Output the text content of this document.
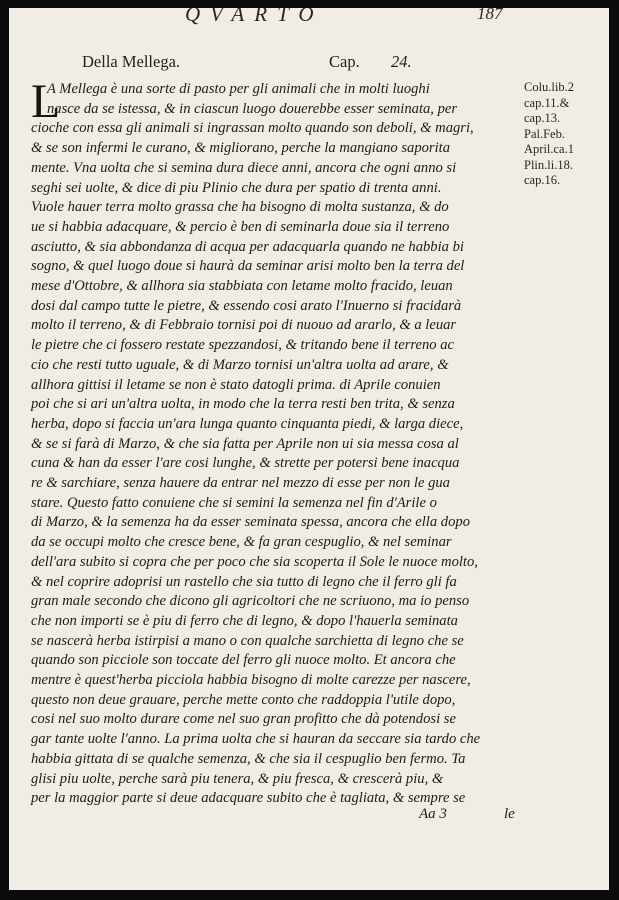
QVARTO	187
Della Mellega.	Cap. 24.
L
A Mellega è una sorte di pasto per gli animali che in molti luoghi
nasce da se istessa, & in ciascun luogo douerebbe esser seminata, per
cioche con essa gli animali si ingrassan molto quando son deboli, & magri,
& se son infermi le curano, & migliorano, perche la mangiano saporita
mente. Vna uolta che si semina dura diece anni, ancora che ogni anno si
seghi sei uolte, & dice di piu Plinio che dura per spatio di trenta anni.
Vuole hauer terra molto grassa che ha bisogno di molta sustanza, & do
ue si habbia adacquare, & percio è ben di seminarla doue sia il terreno
asciutto, & sia abbondanza di acqua per adacquarla quando ne habbia bi
sogno, & quel luogo doue si haurà da seminar arisi molto ben la terra del
mese d'Ottobre, & allhora sia stabbiata con letame molto fracido, leuan
dosi dal campo tutte le pietre, & essendo cosi arato l'Inuerno si fracidarà
molto il terreno, & di Febbraio tornisi poi di nuouo ad ararlo, & a leuar
le pietre che ci fossero restate spezzandosi, & tritando bene il terreno ac
cio che resti tutto uguale, & di Marzo tornisi un'altra uolta ad arare, &
allhora gittisi il letame se non è stato datogli prima. di Aprile conuien
poi che si ari un'altra uolta, in modo che la terra resti ben trita, & senza
herba, dopo si faccia un'ara lunga quanto cinquanta piedi, & larga diece,
& se si farà di Marzo, & che sia fatta per Aprile non ui sia messa cosa al
cuna & han da esser l'are cosi lunghe, & strette per potersi bene inacqua
re & sarchiare, senza hauere da entrar nel mezzo di esse per non le gua
stare. Questo fatto conuiene che si semini la semenza nel fin d'Arile o
di Marzo, & la semenza ha da esser seminata spessa, ancora che ella dopo
da se occupi molto che cresce bene, & fa gran cespuglio, & nel seminar
dell'ara subito si copra che per poco che sia scoperta il Sole le nuoce molto,
& nel coprire adoprisi un rastello che sia tutto di legno che il ferro gli fa
gran male secondo che dicono gli agricoltori che ne scriuono, ma io penso
che non importi se è piu di ferro che di legno, & dopo l'hauerla seminata
se nascerà herba istirpisi a mano o con qualche sarchietta di legno che se
quando son picciole son toccate del ferro gli nuoce molto. Et ancora che
mentre è quest'herba picciola habbia bisogno di molte carezze per nascere,
questo non deue grauare, perche mette conto che raddoppia l'utile dopo,
cosi nel suo molto durare come nel suo gran profitto che dà potendosi se
gar tante uolte l'anno. La prima uolta che si hauran da seccare sia tardo che
habbia gittata di se qualche semenza, & che sia il cespuglio ben fermo. Ta
glisi piu uolte, perche sarà piu tenera, & piu fresca, & crescerà piu, &
per la maggior parte si deue adacquare subito che è tagliata, & sempre se
Colu.lib.2
cap.11.&
cap.13.
Pal.Feb.
April.ca.1
Plin.li.18.
cap.16.
Aa 3	le
